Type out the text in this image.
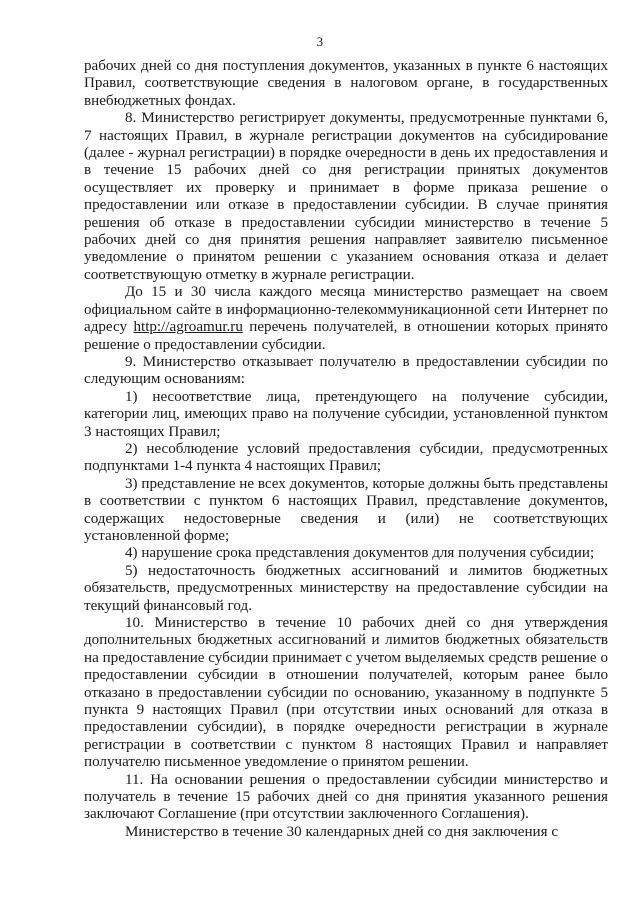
3

рабочих дней со дня поступления документов, указанных в пункте 6 настоящих Правил, соответствующие сведения в налоговом органе, в государственных внебюджетных фондах.

8. Министерство регистрирует документы, предусмотренные пунктами 6, 7 настоящих Правил, в журнале регистрации документов на субсидирование (далее - журнал регистрации) в порядке очередности в день их предоставления и в течение 15 рабочих дней со дня регистрации принятых документов осуществляет их проверку и принимает в форме приказа решение о предоставлении или отказе в предоставлении субсидии. В случае принятия решения об отказе в предоставлении субсидии министерство в течение 5 рабочих дней со дня принятия решения направляет заявителю письменное уведомление о принятом решении с указанием основания отказа и делает соответствующую отметку в журнале регистрации.

До 15 и 30 числа каждого месяца министерство размещает на своем официальном сайте в информационно-телекоммуникационной сети Интернет по адресу http://agroamur.ru перечень получателей, в отношении которых принято решение о предоставлении субсидии.

9. Министерство отказывает получателю в предоставлении субсидии по следующим основаниям:

1) несоответствие лица, претендующего на получение субсидии, категории лиц, имеющих право на получение субсидии, установленной пунктом 3 настоящих Правил;

2) несоблюдение условий предоставления субсидии, предусмотренных подпунктами 1-4 пункта 4 настоящих Правил;

3) представление не всех документов, которые должны быть представлены в соответствии с пунктом 6 настоящих Правил, представление документов, содержащих недостоверные сведения и (или) не соответствующих установленной форме;

4) нарушение срока представления документов для получения субсидии;

5) недостаточность бюджетных ассигнований и лимитов бюджетных обязательств, предусмотренных министерству на предоставление субсидии на текущий финансовый год.

10. Министерство в течение 10 рабочих дней со дня утверждения дополнительных бюджетных ассигнований и лимитов бюджетных обязательств на предоставление субсидии принимает с учетом выделяемых средств решение о предоставлении субсидии в отношении получателей, которым ранее было отказано в предоставлении субсидии по основанию, указанному в подпункте 5 пункта 9 настоящих Правил (при отсутствии иных оснований для отказа в предоставлении субсидии), в порядке очередности регистрации в журнале регистрации в соответствии с пунктом 8 настоящих Правил и направляет получателю письменное уведомление о принятом решении.

11. На основании решения о предоставлении субсидии министерство и получатель в течение 15 рабочих дней со дня принятия указанного решения заключают Соглашение (при отсутствии заключенного Соглашения).

Министерство в течение 30 календарных дней со дня заключения с
